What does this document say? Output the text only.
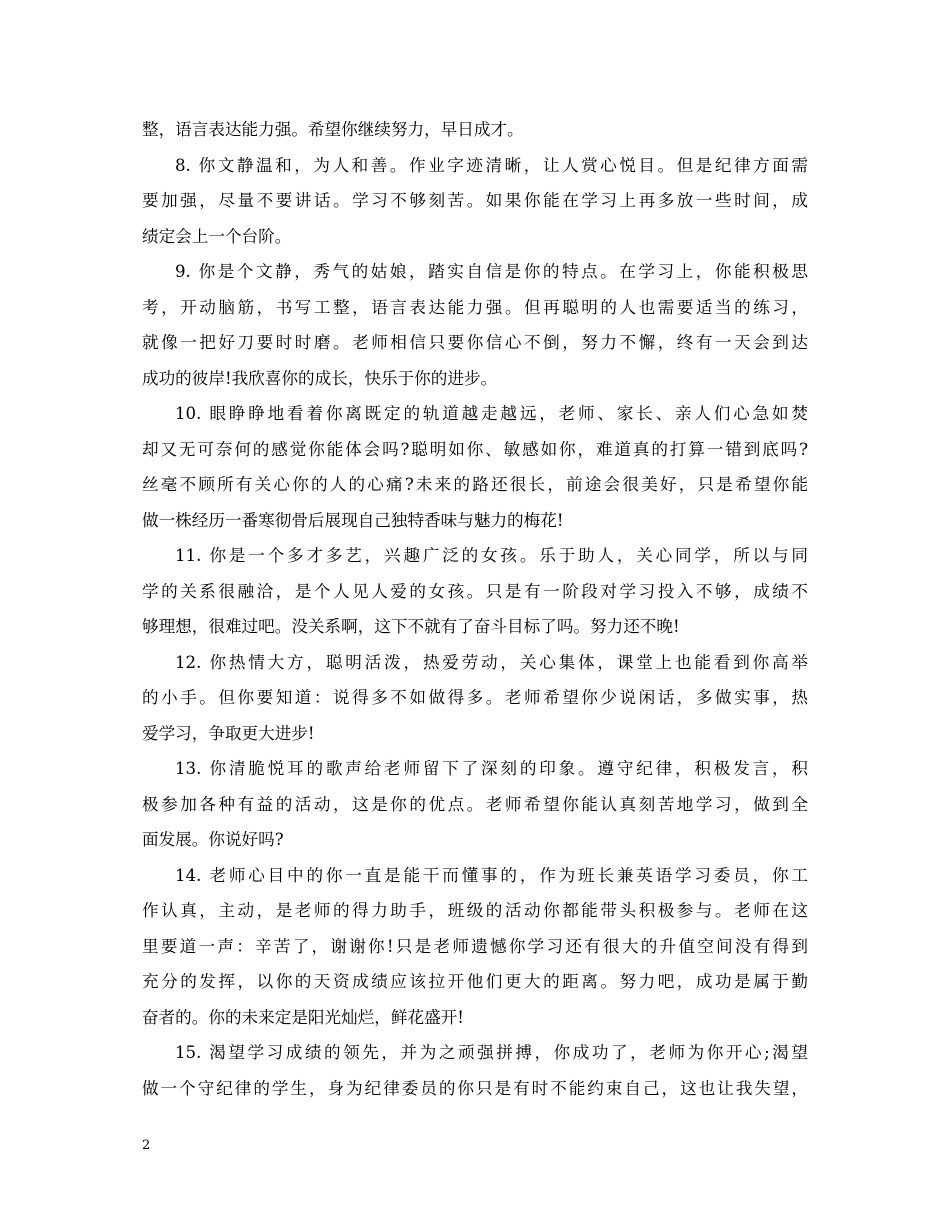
整，语言表达能力强。希望你继续努力，早日成才。
8. 你文静温和，为人和善。作业字迹清晰，让人赏心悦目。但是纪律方面需
要加强，尽量不要讲话。学习不够刻苦。如果你能在学习上再多放一些时间，成
绩定会上一个台阶。
9. 你是个文静，秀气的姑娘，踏实自信是你的特点。在学习上，你能积极思
考，开动脑筋，书写工整，语言表达能力强。但再聪明的人也需要适当的练习，
就像一把好刀要时时磨。老师相信只要你信心不倒，努力不懈，终有一天会到达
成功的彼岸!我欣喜你的成长，快乐于你的进步。
10. 眼睁睁地看着你离既定的轨道越走越远，老师、家长、亲人们心急如焚
却又无可奈何的感觉你能体会吗?聪明如你、敏感如你，难道真的打算一错到底吗?
丝毫不顾所有关心你的人的心痛?未来的路还很长，前途会很美好，只是希望你能
做一株经历一番寒彻骨后展现自己独特香味与魅力的梅花!
11. 你是一个多才多艺，兴趣广泛的女孩。乐于助人，关心同学，所以与同
学的关系很融洽，是个人见人爱的女孩。只是有一阶段对学习投入不够，成绩不
够理想，很难过吧。没关系啊，这下不就有了奋斗目标了吗。努力还不晚!
12. 你热情大方，聪明活泼，热爱劳动，关心集体，课堂上也能看到你高举
的小手。但你要知道：说得多不如做得多。老师希望你少说闲话，多做实事，热
爱学习，争取更大进步!
13. 你清脆悦耳的歌声给老师留下了深刻的印象。遵守纪律，积极发言，积
极参加各种有益的活动，这是你的优点。老师希望你能认真刻苦地学习，做到全
面发展。你说好吗?
14. 老师心目中的你一直是能干而懂事的，作为班长兼英语学习委员，你工
作认真，主动，是老师的得力助手，班级的活动你都能带头积极参与。老师在这
里要道一声：辛苦了，谢谢你!只是老师遗憾你学习还有很大的升值空间没有得到
充分的发挥，以你的天资成绩应该拉开他们更大的距离。努力吧，成功是属于勤
奋者的。你的未来定是阳光灿烂，鲜花盛开!
15. 渴望学习成绩的领先，并为之顽强拼搏，你成功了，老师为你开心;渴望
做一个守纪律的学生，身为纪律委员的你只是有时不能约束自己，这也让我失望，
2
